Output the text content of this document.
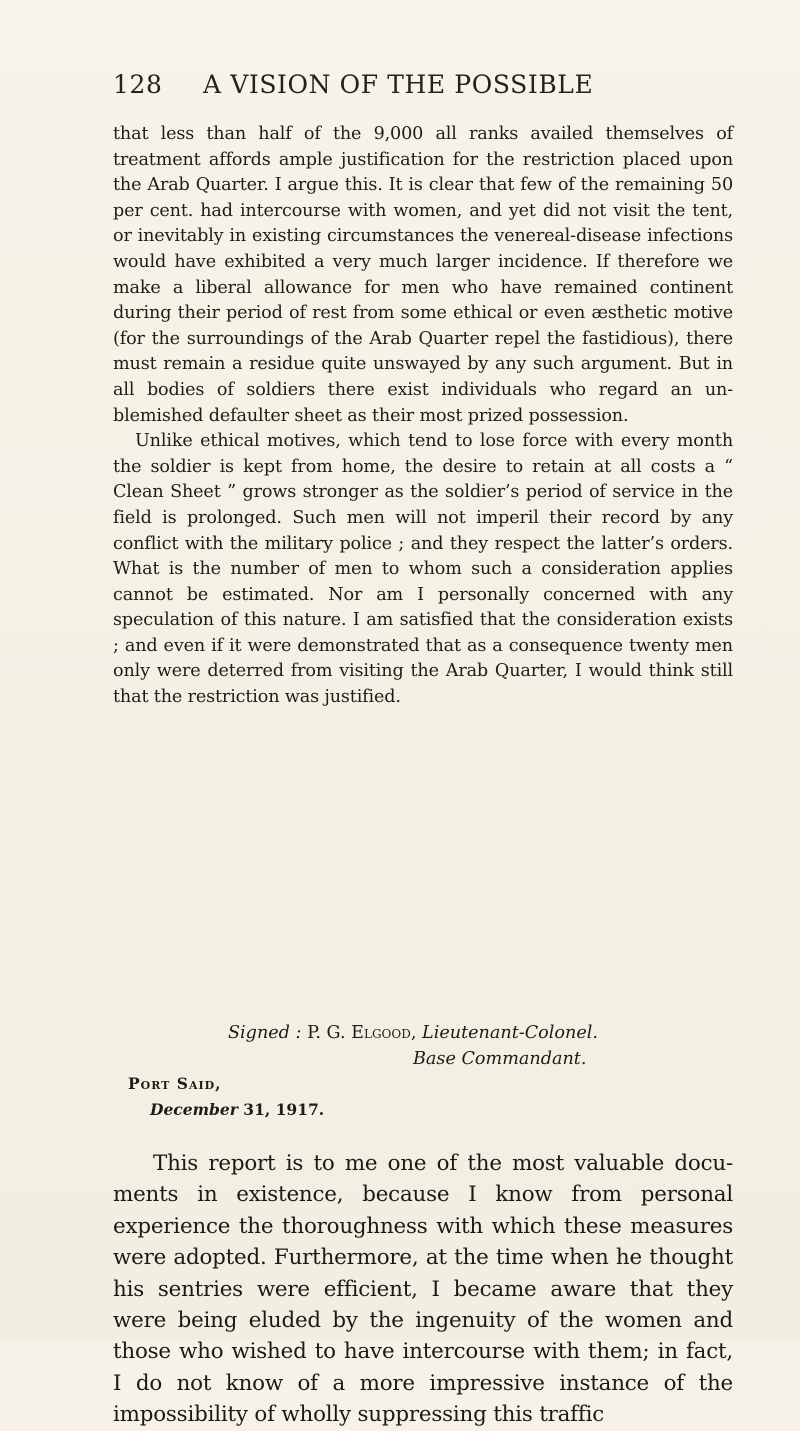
128 A VISION OF THE POSSIBLE

that less than half of the 9,000 all ranks availed themselves of treatment affords ample justification for the restriction placed upon the Arab Quarter. I argue this. It is clear that few of the remaining 50 per cent. had intercourse with women, and yet did not visit the tent, or inevitably in existing circumstances the venereal-disease infections would have exhibited a very much larger incidence. If therefore we make a liberal allowance for men who have remained continent during their period of rest from some ethical or even æsthetic motive (for the surroundings of the Arab Quarter repel the fastidious), there must remain a residue quite unswayed by any such argument. But in all bodies of soldiers there exist individuals who regard an un-blemished defaulter sheet as their most prized possession.

Unlike ethical motives, which tend to lose force with every month the soldier is kept from home, the desire to retain at all costs a “ Clean Sheet ” grows stronger as the soldier’s period of service in the field is prolonged. Such men will not imperil their record by any conflict with the military police ; and they respect the latter’s orders. What is the number of men to whom such a consideration applies cannot be estimated. Nor am I personally concerned with any speculation of this nature. I am satisfied that the consideration exists ; and even if it were demonstrated that as a consequence twenty men only were deterred from visiting the Arab Quarter, I would think still that the restriction was justified.

Signed : P. G. Elgood, Lieutenant-Colonel.

Base Commandant.

Port Said,

December 31, 1917.

This report is to me one of the most valuable docu-ments in existence, because I know from personal experience the thoroughness with which these measures were adopted. Furthermore, at the time when he thought his sentries were efficient, I became aware that they were being eluded by the ingenuity of the women and those who wished to have intercourse with them; in fact, I do not know of a more impressive instance of the impossibility of wholly suppressing this traffic
